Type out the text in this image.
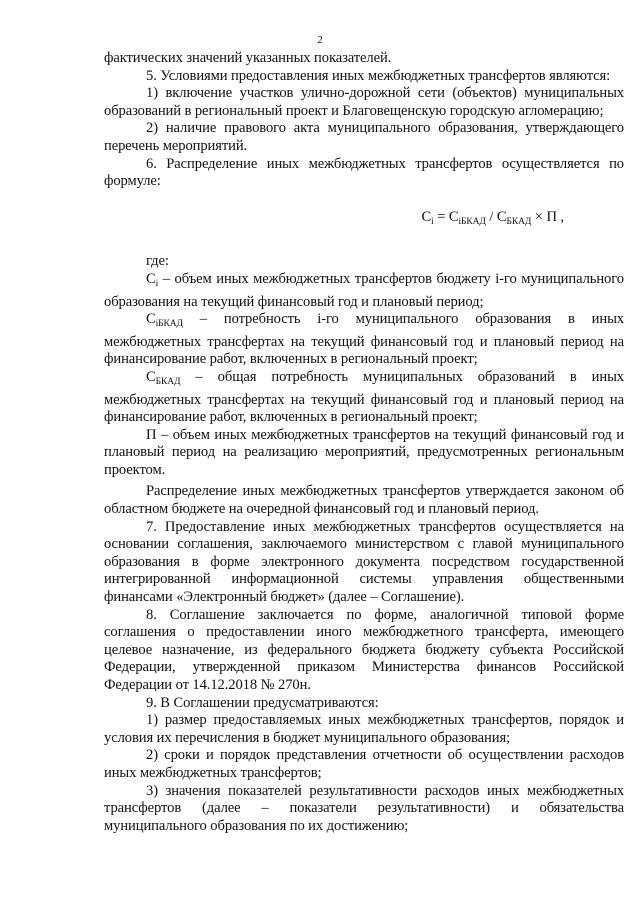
2

фактических значений указанных показателей.

5. Условиями предоставления иных межбюджетных трансфертов являются:

1) включение участков улично-дорожной сети (объектов) муниципальных образований в региональный проект и Благовещенскую городскую агломерацию;

2) наличие правового акта муниципального образования, утверждающего перечень мероприятий.

6. Распределение иных межбюджетных трансфертов осуществляется по формуле:

$C_i = C_{iБКАД} / C_{БКАД} \times П$ ,

где:

$C_i$ – объем иных межбюджетных трансфертов бюджету i-го муниципального образования на текущий финансовый год и плановый период;

$C_{iБКАД}$ – потребность i-го муниципального образования в иных межбюджетных трансфертах на текущий финансовый год и плановый период на финансирование работ, включенных в региональный проект;

$C_{БКАД}$ – общая потребность муниципальных образований в иных межбюджетных трансфертах на текущий финансовый год и плановый период на финансирование работ, включенных в региональный проект;

П – объем иных межбюджетных трансфертов на текущий финансовый год и плановый период на реализацию мероприятий, предусмотренных региональным проектом.

Распределение иных межбюджетных трансфертов утверждается законом об областном бюджете на очередной финансовый год и плановый период.

7. Предоставление иных межбюджетных трансфертов осуществляется на основании соглашения, заключаемого министерством с главой муниципального образования в форме электронного документа посредством государственной интегрированной информационной системы управления общественными финансами «Электронный бюджет» (далее – Соглашение).

8. Соглашение заключается по форме, аналогичной типовой форме соглашения о предоставлении иного межбюджетного трансферта, имеющего целевое назначение, из федерального бюджета бюджету субъекта Российской Федерации, утвержденной приказом Министерства финансов Российской Федерации от 14.12.2018 № 270н.

9. В Соглашении предусматриваются:

1) размер предоставляемых иных межбюджетных трансфертов, порядок и условия их перечисления в бюджет муниципального образования;

2) сроки и порядок представления отчетности об осуществлении расходов иных межбюджетных трансфертов;

3) значения показателей результативности расходов иных межбюджетных трансфертов (далее – показатели результативности) и обязательства муниципального образования по их достижению;
